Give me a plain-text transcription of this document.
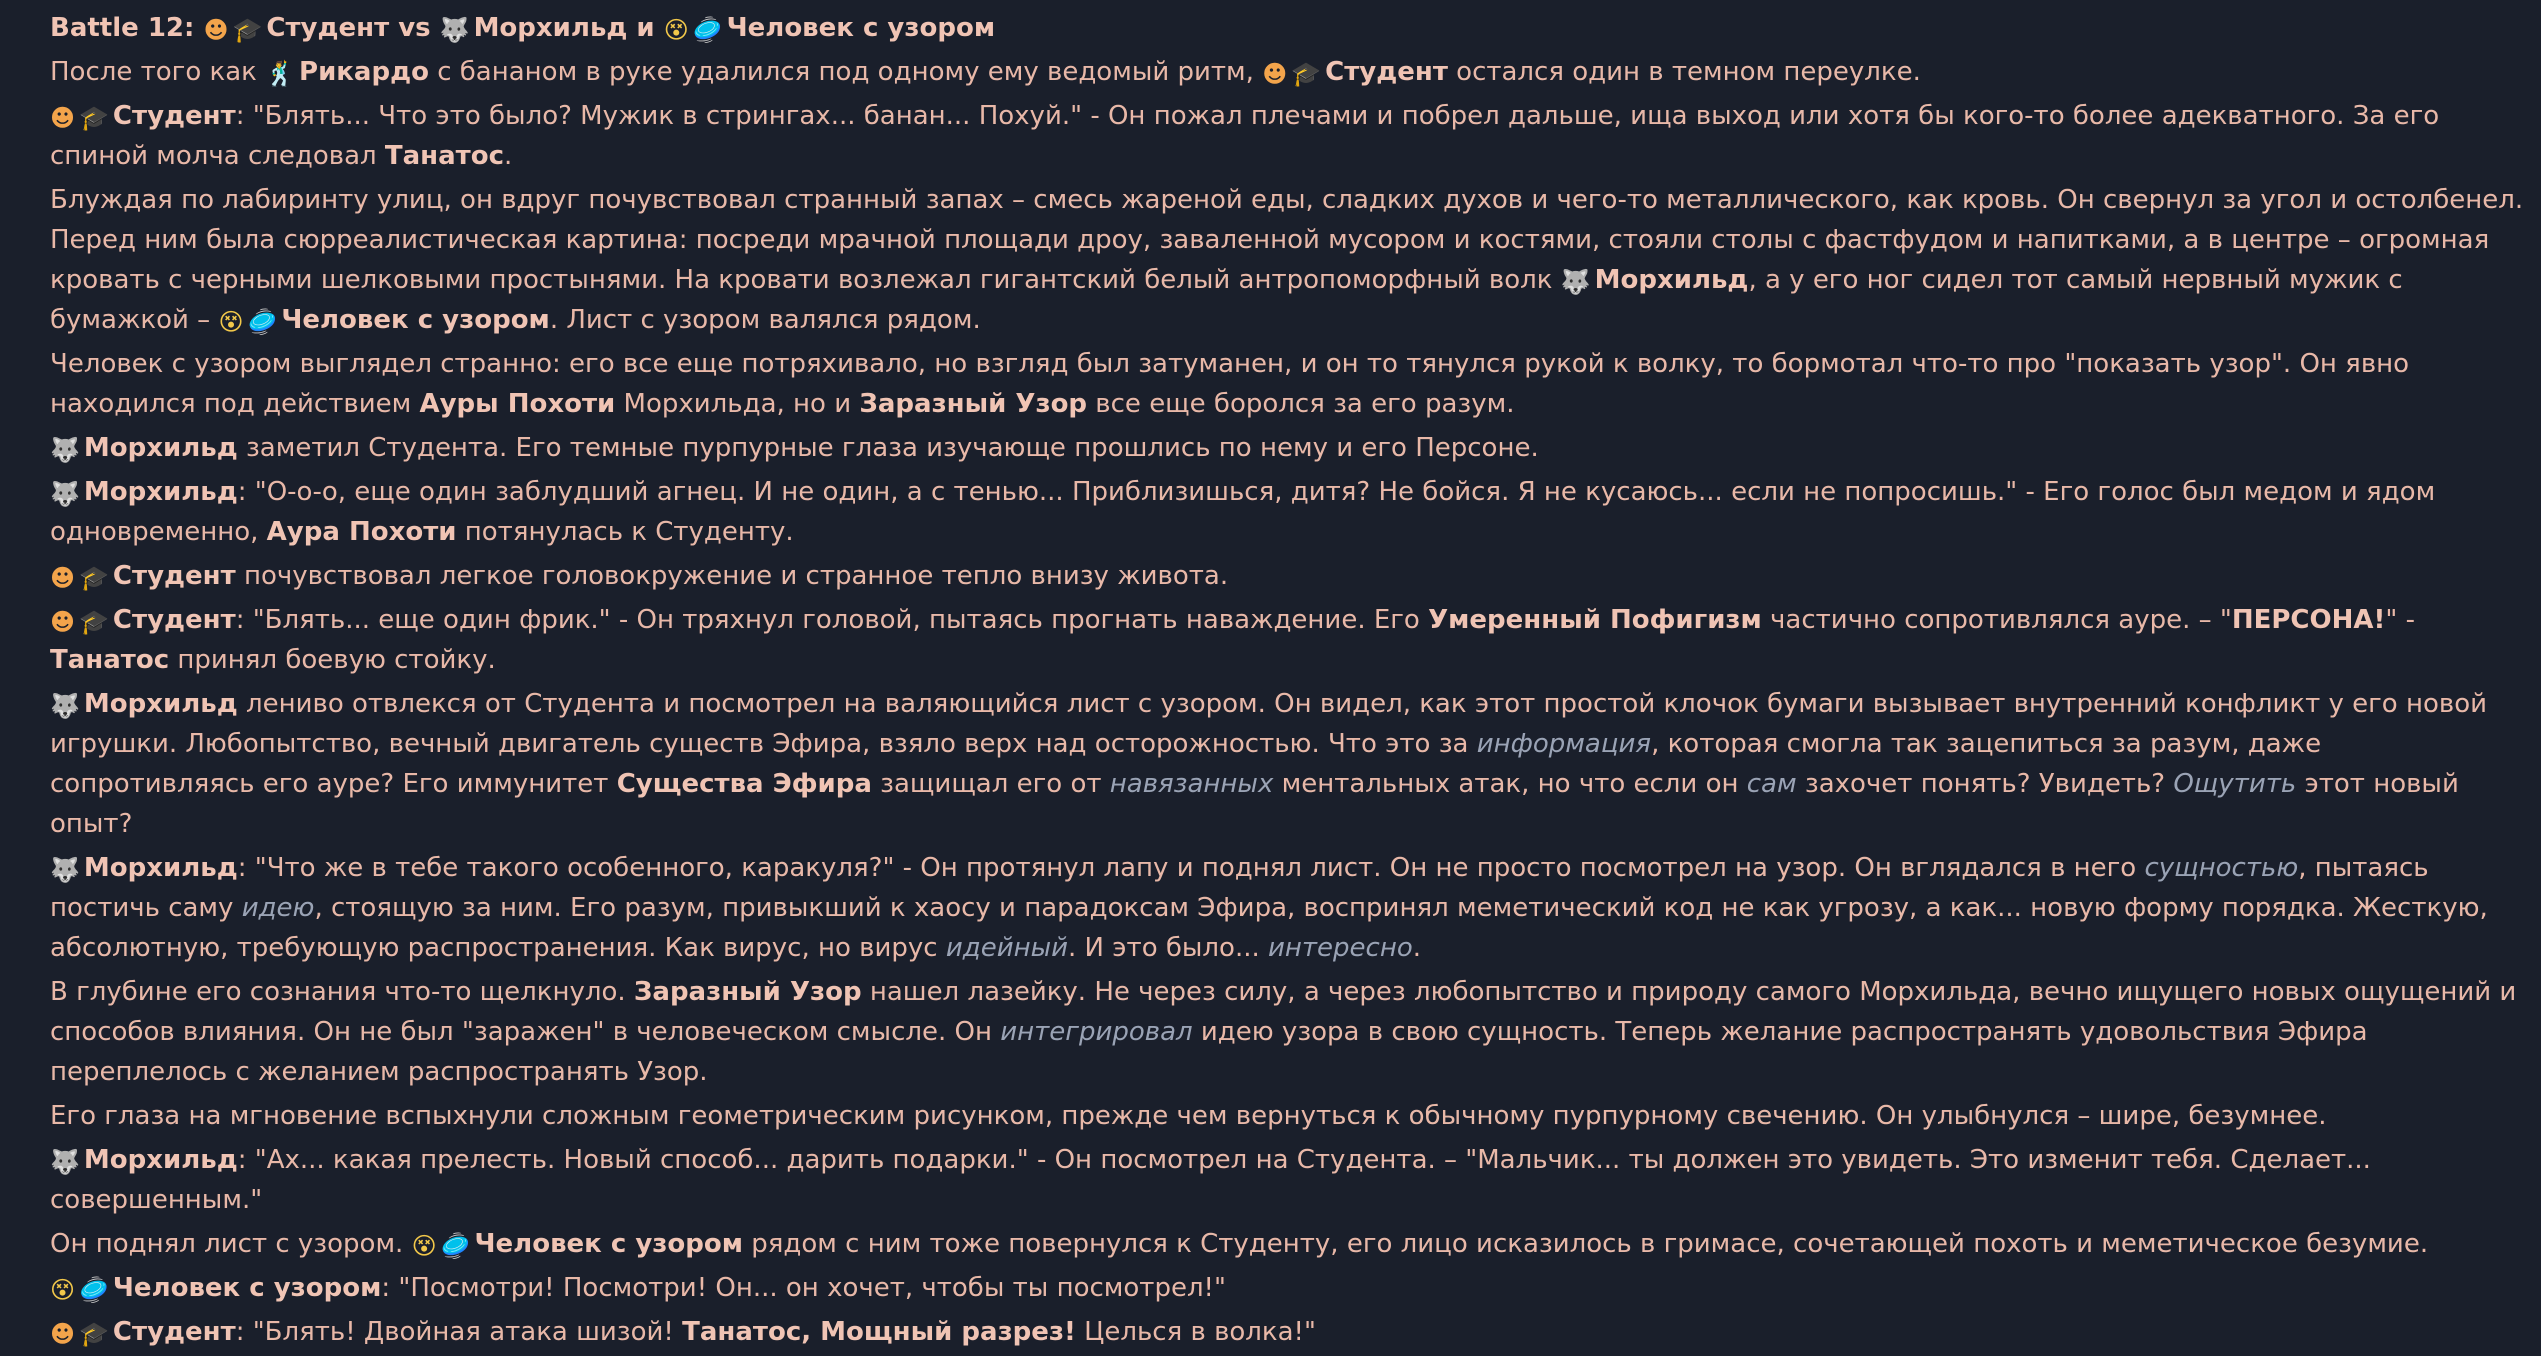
Battle 12: ☻ 🎓 Студент vs 🐺 Морхильд и 😵 🥏 Человек с узором
После того как 🕺 Рикардо с бананом в руке удалился под одному ему ведомый ритм, ☻ 🎓 Студент остался один в темном переулке.
☻ 🎓 Студент: "Блять... Что это было? Мужик в стрингах... банан... Похуй." - Он пожал плечами и побрел дальше, ища выход или хотя бы кого-то более адекватного. За его спиной молча следовал Танатос.
Блуждая по лабиринту улиц, он вдруг почувствовал странный запах – смесь жареной еды, сладких духов и чего-то металлического, как кровь. Он свернул за угол и остолбенел. Перед ним была сюрреалистическая картина: посреди мрачной площади дроу, заваленной мусором и костями, стояли столы с фастфудом и напитками, а в центре – огромная кровать с черными шелковыми простынями. На кровати возлежал гигантский белый антропоморфный волк 🐺 Морхильд, а у его ног сидел тот самый нервный мужик с бумажкой – 😵 🥏 Человек с узором. Лист с узором валялся рядом.
Человек с узором выглядел странно: его все еще потряхивало, но взгляд был затуманен, и он то тянулся рукой к волку, то бормотал что-то про "показать узор". Он явно находился под действием Ауры Похоти Морхильда, но и Заразный Узор все еще боролся за его разум.
🐺 Морхильд заметил Студента. Его темные пурпурные глаза изучающе прошлись по нему и его Персоне.
🐺 Морхильд: "О-о-о, еще один заблудший агнец. И не один, а с тенью... Приблизишься, дитя? Не бойся. Я не кусаюсь... если не попросишь." - Его голос был медом и ядом одновременно, Аура Похоти потянулась к Студенту.
☻ 🎓 Студент почувствовал легкое головокружение и странное тепло внизу живота.
☻ 🎓 Студент: "Блять... еще один фрик." - Он тряхнул головой, пытаясь прогнать наваждение. Его Умеренный Пофигизм частично сопротивлялся ауре. – "ПЕРСОНА!" - Танатос принял боевую стойку.
🐺 Морхильд лениво отвлекся от Студента и посмотрел на валяющийся лист с узором. Он видел, как этот простой клочок бумаги вызывает внутренний конфликт у его новой игрушки. Любопытство, вечный двигатель существ Эфира, взяло верх над осторожностью. Что это за информация, которая смогла так зацепиться за разум, даже сопротивляясь его ауре? Его иммунитет Существа Эфира защищал его от навязанных ментальных атак, но что если он сам захочет понять? Увидеть? Ощутить этот новый опыт?
🐺 Морхильд: "Что же в тебе такого особенного, каракуля?" - Он протянул лапу и поднял лист. Он не просто посмотрел на узор. Он вглядался в него сущностью, пытаясь постичь саму идею, стоящую за ним. Его разум, привыкший к хаосу и парадоксам Эфира, воспринял меметический код не как угрозу, а как... новую форму порядка. Жесткую, абсолютную, требующую распространения. Как вирус, но вирус идейный. И это было... интересно.
В глубине его сознания что-то щелкнуло. Заразный Узор нашел лазейку. Не через силу, а через любопытство и природу самого Морхильда, вечно ищущего новых ощущений и способов влияния. Он не был "заражен" в человеческом смысле. Он интегрировал идею узора в свою сущность. Теперь желание распространять удовольствия Эфира переплелось с желанием распространять Узор.
Его глаза на мгновение вспыхнули сложным геометрическим рисунком, прежде чем вернуться к обычному пурпурному свечению. Он улыбнулся – шире, безумнее.
🐺 Морхильд: "Ах... какая прелесть. Новый способ... дарить подарки." - Он посмотрел на Студента. – "Мальчик... ты должен это увидеть. Это изменит тебя. Сделает... совершенным."
Он поднял лист с узором. 😵 🥏 Человек с узором рядом с ним тоже повернулся к Студенту, его лицо исказилось в гримасе, сочетающей похоть и меметическое безумие.
😵 🥏 Человек с узором: "Посмотри! Посмотри! Он... он хочет, чтобы ты посмотрел!"
☻ 🎓 Студент: "Блять! Двойная атака шизой! Танатос, Мощный разрез! Целься в волка!"
